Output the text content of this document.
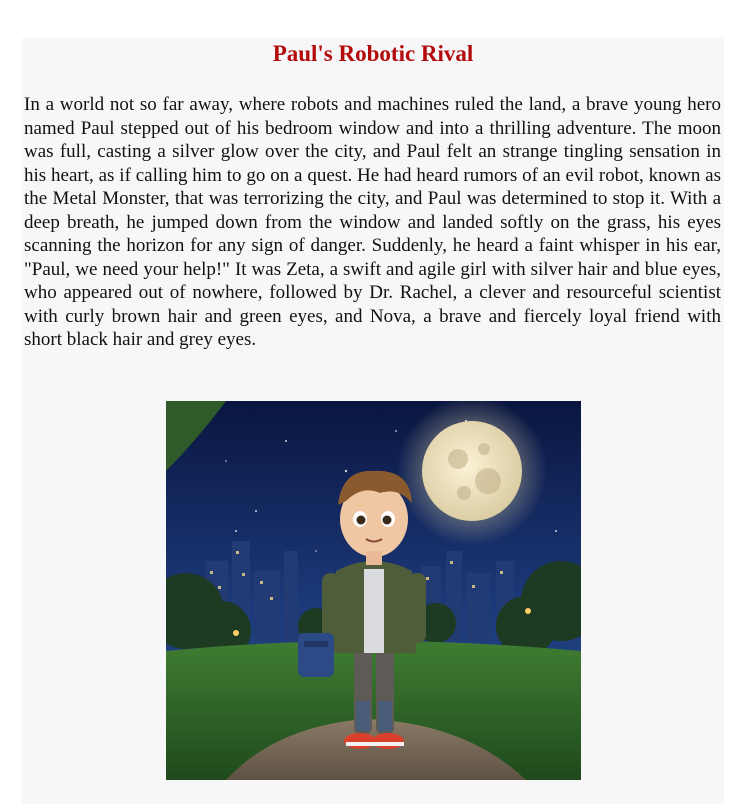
Paul's Robotic Rival

In a world not so far away, where robots and machines ruled the land, a brave young hero named Paul stepped out of his bedroom window and into a thrilling adventure. The moon was full, casting a silver glow over the city, and Paul felt an strange tingling sensation in his heart, as if calling him to go on a quest. He had heard rumors of an evil robot, known as the Metal Monster, that was terrorizing the city, and Paul was determined to stop it. With a deep breath, he jumped down from the window and landed softly on the grass, his eyes scanning the horizon for any sign of danger. Suddenly, he heard a faint whisper in his ear, "Paul, we need your help!" It was Zeta, a swift and agile girl with silver hair and blue eyes, who appeared out of nowhere, followed by Dr. Rachel, a clever and resourceful scientist with curly brown hair and green eyes, and Nova, a brave and fiercely loyal friend with short black hair and grey eyes.
